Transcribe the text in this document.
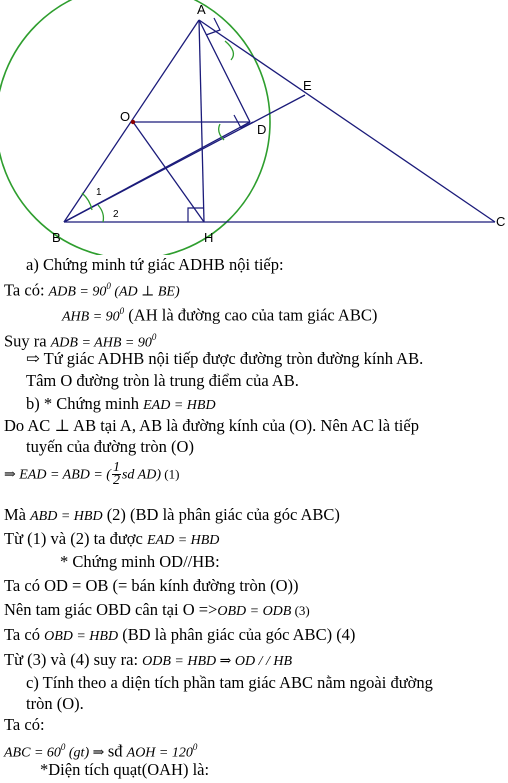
A
B
C
D
E
H
O
1
2
a) Chứng minh tứ giác ADHB nội tiếp:
Ta có: ADB = $90^0$ (AD ⊥ BE)
AHB = $90^0$ (AH là đường cao của tam giác ABC)
Suy ra ADB = AHB = $90^0$
⇨ Tứ giác ADHB nội tiếp được đường tròn đường kính AB.
Tâm O đường tròn là trung điểm của AB.
b) * Chứng minh EAD = HBD
Do AC ⊥ AB tại A, AB là đường kính của (O). Nên AC là tiếp
tuyến của đường tròn (O)
⇒ EAD = ABD = ( $\frac{1}{2}$ sd AD) (1)
Mà ABD = HBD (2) (BD là phân giác của góc ABC)
Từ (1) và (2) ta được EAD = HBD
* Chứng minh OD//HB:
Ta có OD = OB (= bán kính đường tròn (O))
Nên tam giác OBD cân tại O =>OBD = ODB (3)
Ta có OBD = HBD (BD là phân giác của góc ABC) (4)
Từ (3) và (4) suy ra: ODB = HBD ⇒ OD / / HB
c) Tính theo a diện tích phần tam giác ABC nằm ngoài đường
tròn (O).
Ta có:
ABC = $60^0$ (gt) ⇒ sđ AOH = $120^0$
*Diện tích quạt(OAH) là:
